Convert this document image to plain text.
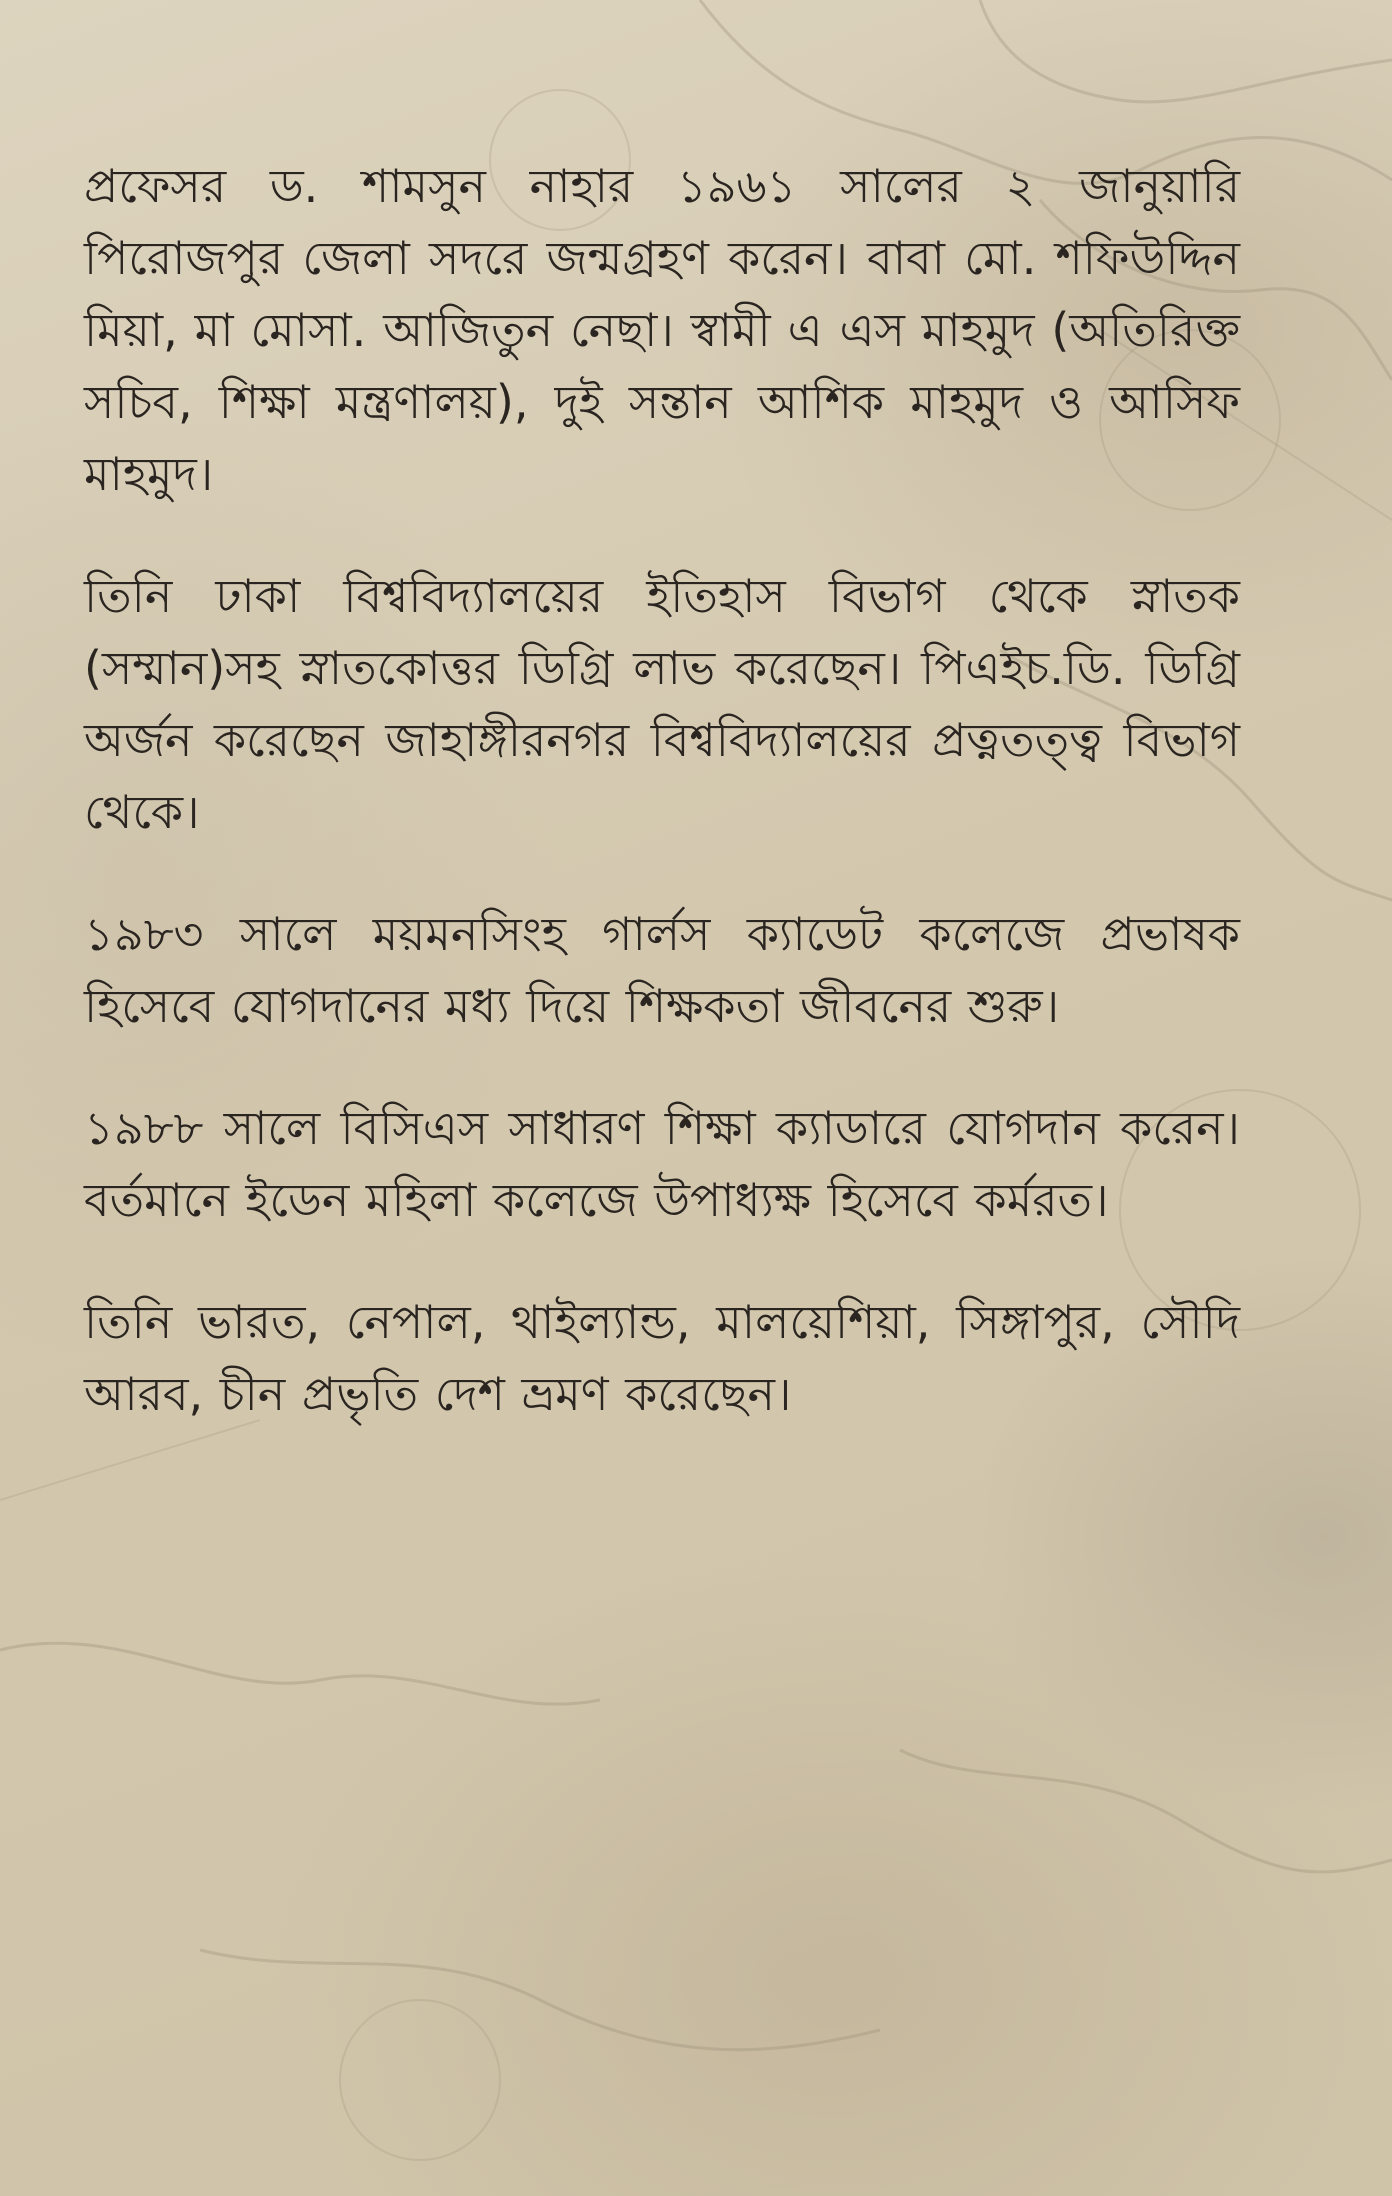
প্রফেসর ড. শামসুন নাহার ১৯৬১ সালের ২ জানুয়ারি পিরোজপুর জেলা সদরে জন্মগ্রহণ করেন। বাবা মো. শফিউদ্দিন মিয়া, মা মোসা. আজিতুন নেছা। স্বামী এ এস মাহমুদ (অতিরিক্ত সচিব, শিক্ষা মন্ত্রণালয়), দুই সন্তান আশিক মাহমুদ ও আসিফ মাহমুদ।

তিনি ঢাকা বিশ্ববিদ্যালয়ের ইতিহাস বিভাগ থেকে স্নাতক (সম্মান)সহ স্নাতকোত্তর ডিগ্রি লাভ করেছেন। পিএইচ.ডি. ডিগ্রি অর্জন করেছেন জাহাঙ্গীরনগর বিশ্ববিদ্যালয়ের প্রত্নতত্ত্ব বিভাগ থেকে।

১৯৮৩ সালে ময়মনসিংহ গার্লস ক্যাডেট কলেজে প্রভাষক হিসেবে যোগদানের মধ্য দিয়ে শিক্ষকতা জীবনের শুরু।

১৯৮৮ সালে বিসিএস সাধারণ শিক্ষা ক্যাডারে যোগদান করেন। বর্তমানে ইডেন মহিলা কলেজে উপাধ্যক্ষ হিসেবে কর্মরত।

তিনি ভারত, নেপাল, থাইল্যান্ড, মালয়েশিয়া, সিঙ্গাপুর, সৌদি আরব, চীন প্রভৃতি দেশ ভ্রমণ করেছেন।
